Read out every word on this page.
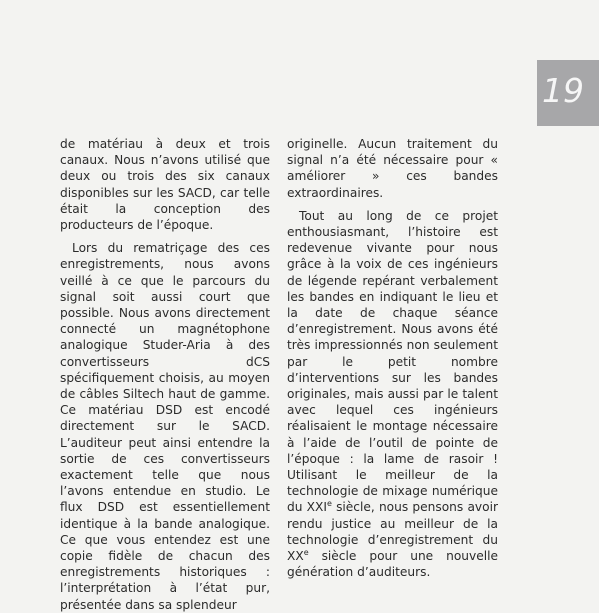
19

de matériau à deux et trois canaux. Nous n’avons utilisé que deux ou trois des six canaux disponibles sur les SACD, car telle était la conception des producteurs de l’époque.

Lors du rematriçage des ces enregistrements, nous avons veillé à ce que le parcours du signal soit aussi court que possible. Nous avons directement connecté un magnétophone analogique Studer-Aria à des convertisseurs dCS spécifiquement choisis, au moyen de câbles Siltech haut de gamme. Ce matériau DSD est encodé directement sur le SACD. L’auditeur peut ainsi entendre la sortie de ces convertisseurs exactement telle que nous l’avons entendue en studio. Le flux DSD est essentiellement identique à la bande analogique. Ce que vous entendez est une copie fidèle de chacun des enregistrements historiques : l’interprétation à l’état pur, présentée dans sa splendeur

originelle. Aucun traitement du signal n’a été nécessaire pour « améliorer » ces bandes extraordinaires.

Tout au long de ce projet enthousiasmant, l’histoire est redevenue vivante pour nous grâce à la voix de ces ingénieurs de légende repérant verbalement les bandes en indiquant le lieu et la date de chaque séance d’enregistrement. Nous avons été très impressionnés non seulement par le petit nombre d’interventions sur les bandes originales, mais aussi par le talent avec lequel ces ingénieurs réalisaient le montage nécessaire à l’aide de l’outil de pointe de l’époque : la lame de rasoir ! Utilisant le meilleur de la technologie de mixage numérique du XXIe siècle, nous pensons avoir rendu justice au meilleur de la technologie d’enregistrement du XXe siècle pour une nouvelle génération d’auditeurs.
